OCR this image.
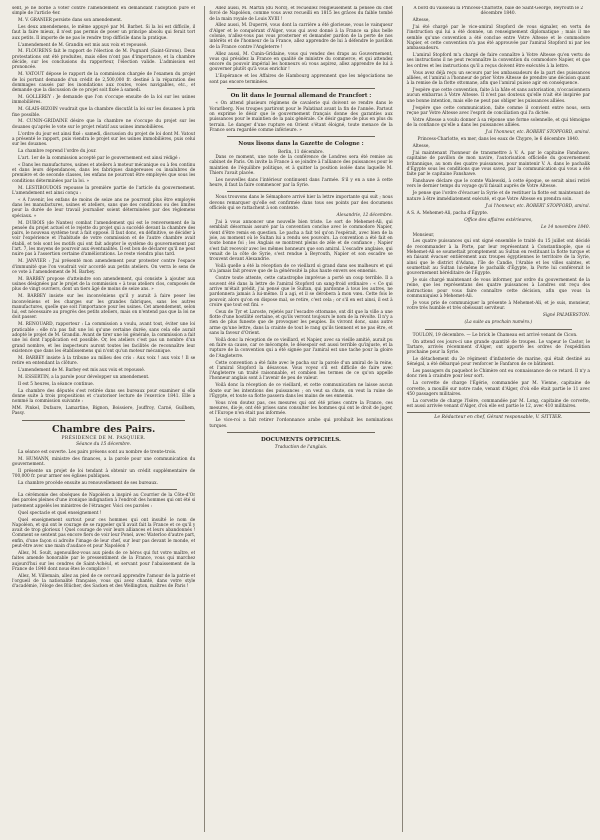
sent, je ne borne à voter contre l'amendement en demandant l'adoption pure et simple de l'article 4er.

M. V. GRANIER persiste dans son amendement.

Les deux amendemens, le même appuyé par M. Barbet. Si la loi est difficile, il faut la faire mieux, il n'est pas permis de poser un principe absolu qui ferait tort aux petits. Il importe de ne pas le rendre trop difficile dans la pratique.

L'amendement de M. Grandin est mis aux voix et repoussé.

M. FLOURENS fait le rapport de l'élection de M. Pugnard (Saint-Girons). Deux protestations ont été produites, mais elles n'ont pas d'importance, et la chambre décide, sur les conclusions du rapporteur, l'élection valide. L'admission est prononcée.

M. VATOUT dépose le rapport de la commission chargée de l'examen du projet de loi portant demande d'un crédit de 2,500,000 fr. destiné à la réparation des dommages causés par les inondations aux routes, voies navigables, etc., et demande que la discussion de ce projet soit fixée à samedi.

M. GOLLEREY : Je demande que l'on s'occupe ensuite de la loi sur les usines immobilières.

M. GLAIS-BIZOIN voudrait que la chambre discutât la loi sur les douanes à prix fixe possible.

M. CUNIN-GRIDAINE désire que la chambre ne s'occupe du projet sur les douanes qu'après le vote sur le projet relatif aux usines immobilières.

L'ordre du jour est ainsi fixé : samedi, discussion du projet de loi dont M. Vatout a présenté le rapport, puis viendra le projet sur les usines immobilières, puis celui sur les douanes.

La chambre reprend l'ordre du jour.

L'art. 1er de la commission accepté par le gouvernement est ainsi rédigé :

« Dans les manufactures, usines et ateliers à moteur mécanique ou à feu continu et dans leurs dépendances, dans les fabriques dangereuses ou insalubres de première et de seconde classes, les enfans ne pourront être employés que sous les conditions déterminées par la loi. »

M. LESTIBOUDOIS repousse la première partie de l'article du gouvernement. L'amendement est ainsi conçu :

« A l'avenir, les enfans de moins de seize ans ne pourront plus être employés dans les manufactures, usines et ateliers, sans que des conditions ou des limites pour la durée de leur travail journalier soient déterminées par des règlemens spéciaux. »

M. DUBOIS (de Nantes) combat l'amendement qui est le renversement de la pensée du projet actuel et le rejette du projet qui a succédé devant la chambre des pairs, le nouveau système tout à fait opposé. Il faut donc, en définitive, se décider à voir l'expérience et l'habitude de votre commission et de l'autre chambre avait établi, et tels sont les motifs qui ont fait adopter le système du gouvernement par l'art. 7, les moyens de pourvoir aux éventualités. Il est bon de déclarer qu'il ne peut nuire pas à l'assertion certaine d'améliorations. Le reste viendra plus tard.

M. JANVIER : J'ai présenté mon amendement pour protester contre l'espace d'immunité que l'on voudrait voir accordé aux petits ateliers. On verra le sens de ce vote à l'amendement de M. Barbey.

M. BARBEY propose d'atteindre son amendement, qui consiste à ajouter aux usines désignées par le projet de la commission « à tous ateliers clos, composés de plus de vingt ouvriers, dont un tiers âgé de moins de seize ans. »

M. BARBEY insiste sur les inconvéniens qu'il y aurait à faire peser les inconvéniens et les charges sur les grandes fabriques, sans les autres manufactures, quelle que soit l'importance pour les usines. Cet amendement, selon lui, est nécessaire au progrès des petits ateliers, mais on n'entend pas que la loi ne doit passer.

M. RENOUARD, rapporteur : La commission a voulu, avant tout, éviter une loi praticable : elle n'a pas fait une loi qu'une certaine durée, sans cela elle aurait adopté le projet de M. Grandin. Avant de tirer une loi générale, la commission a fait une loi dont l'application est possible. Or, les ateliers c'est pas un nombre d'un grand nombre, et les inspecteurs auront toutes les facilités de reconnaître leur existence que dans les établissemens qui n'ont qu'un moteur mécanique.

M. BARBEY insiste à la tribune au milieu des cris : Aux voix ! aux voix ! Il se retire en entendant la clôture.

L'amendement de M. Barbey est mis aux voix et repoussé.

M. ESSERTIN, a la parole pour développer un amendement.

Il est 5 heures, la séance continue.

La chambre des députés s'est retirée dans ses bureaux pour examiner si elle donne suite à trois propositions et c'autoriser lecture de l'exercice 1841. Elle a nommé la commission suivante :

MM. Pinkel, Dufaure, Lamartine, Bignon, Boissiere, Jouffroy, Carné, Guilhem, Passy.

Chambre des Pairs.
PRÉSIDENCE DE M. PASQUIER.
Séance du 15 décembre.

La séance est ouverte. Les pairs présens sont au nombre de trente-trois.

M. HUMANN, ministre des finances, a la parole pour une communication du gouvernement.

Il présente un projet de loi tendant à obtenir un crédit supplémentaire de 700,000 fr. pour armer ses églises publiques.

La chambre procède ensuite au renouvellement de ses bureaux.

La cérémonie des obsèques de Napoléon a inspiré au Courrier de la Côte-d'Or des paroles pleines d'une ironique indignation à l'endroit des hommes qui ont été si justement appelés les ministres de l'étranger. Voici ces paroles :

Quel spectacle et quel enseignement !

Quel enseignement surtout pour ces hommes qui ont insulté le nom de Napoléon, et qui ont le courage de se rappeler qu'il avait fait la France et ce qu'il y avait de trop glorieux ! Quel courage de voir leurs alliances et leurs abandonnés ! Comment se sentent pas encore fiers de voir leur Ponel, avec Waterloo d'autre part, enfin, d'une façon si adroite l'image de leur chef, sur leur pas devant le monde, et peut-être avec une main d'audace et pour Napoléon ?

Allez, M. Soult, agenouillez-vous aux pieds de ce héros qui fut votre maître, et faites amende honorable par le pressentiment de la France, vous qui marchez aujourd'hui sur les cendres de Saint-Achéul, et servant pour l'abaissement de la France de 1840 dont nous êtes le complice !

Allez, M. Villemain, allez au pied de ce cercueil apprendre l'amour de la patrie et l'orgueil de la nationalité française, vous qui avez chanté, dans votre style d'académie, l'éloge des Blücher, des Sacken et des Wellington, maîtres de Paris !

Allez aussi, M. Martin (du Nord), et recueillez religieusement la pensée du chef forcé de Napoléon, comme vous avez recueilli en 1815 les grâces du faible tombé de la main royale de Louis XVIII !

Allez aussi, M. Duperré, vous dont la carrière a été glorieuse, vous le vainqueur d'Alger et le conquérant d'Alger, vous qui avez donné à la France sa plus belle colonie, n'allez-vous pas vous prosterner et demander pardon de la perte de nos intérêts et de l'honneur de la France, allez apprendre de lui à défendre le pavillon de la France contre l'Angleterre !

Allez aussi, M. Cunin-Gridaine, vous qui vendez des draps au Gouvernement, vous qui présidez la France en qualité de ministre du commerce, et qui attendez encore du pouvoir impérial les honneurs où vous aspirez, allez apprendre de lui à gouverner plutôt qu'à vous enrichir !

L'Espérance et les Affaires de Hambourg apprennent que les négociations ne sont pas encore terminées.

On lit dans le Journal allemand de Francfort :

« On attend plusieurs régimens de cavalerie qui doivent se rendre dans le Vorarlberg. Nos troupes partiront pour le Palatinat avant la fin de l'année. Partout on exprime le désir que le gouvernement français donne des garanties aux puissances pour le maintien de la paix générale. Ce désir gagne de plus en plus du terrain. Le danger d'une rupture en Orient s'étant éloigné, toute menace de la France sera regardée comme inférieure. »

Nous lisons dans la Gazette de Cologne :
Berlin, 11 décembre.

Dans ce moment, une note de la conférence de Londres sera été remise au cabinet de Paris. On invite la France à se joindre à l'alliance des puissances pour le maintien de l'équilibre politique, et à quitter la position isolée dans laquelle M. Thiers l'avait placée.

Les nouvelles dans l'intérieur continuent dans l'armée. S'il y en a une à cette heure, il faut la faire commencer par la Syrie.

Nous trouvons dans le Sémaphore arrivé hier la lettre importante qui suit ; nous devons remarquer qu'elle est confirmée dans tous ses points par des documens officiels qui se rattachent à son contexte.

Alexandrie, 12 décembre.

J'ai à vous annoncer une nouvelle bien triste. Le sort de Mehemet-Ali, qui semblait désormais assuré par la convention conclue avec le commodore Napier, vient d'être remis en question. Le pacha a fait tel qu'on l'espérait, avec bien de la joie, au moment où le Sultan lui a rendu ses pouvoirs. La convention a été fait en toute bonne foi ; les Anglais se montrent pleins de zèle et de confiance ; Napier s'est fait recevoir avec les mêmes honneurs que son amiral. L'escadre anglaise, qui venait de la côte de Syrie, s'est rendue à Beyrouth, Napier et son escadre se trouvent devant Alexandrie.

Voilà quelle a été la réception de ce vieillard si grand dans ses malheurs et qui n'a jamais fait preuve que de la générosité la plus haute envers ses ennemis.

Contre toute attente, cette catastrophe imprévue a porté un coup terrible. Il a souvent été dans la lettre de l'amiral Stopford un sang-froid ordinaire : « Ce qui arrive m'était prédit, j'ai pensé que le Sultan, qui pardonne à tous les autres, ne pardonnera jamais à lui-même. Il a agi, et il se dérobera à mon vœu. Cette fois le pouvoir, alors qu'on en dispose mal, se retire, c'est cela ; or s'il en est ainsi, il est à croire que tout est fini. »

Ceux de Tyr et Laroste, rejetés par l'escadre ottomane, ont dit que la ville a une flotte d'une hostilité certaine, et qu'ils verront toujours le nom de la révolte. Il n'y a rien de plus funeste que de provoquer les peuples. Ils vivront donc, sans autre arme qu'une lettre, dans la crainte de tout le rang qu'ils tiennent et ne pas être, et sans la faveur d'Orient.

Voilà donc la réception de ce vieillard, et Napier, avec sa vieille amitié, aurait pu en faire sa cause, car ce mécompte, le désespoir est aussi terrible qu'injuste, et la rupture de la convention qui a été signée par l'amiral est une tache pour la gloire de l'Angleterre.

Cette convention a été faite avec le pacha sur la parole d'un amiral de la reine, et l'amiral Stopford la désavoue. Vous voyez s'il est difficile de faire avec l'Angleterre un traité raisonnable, et combien les termes de ce qu'on appelle l'honneur anglais sont à l'avenir de peu de valeur.

Voilà donc la réception de ce vieillard, et cette communication ne laisse aucun doute sur les intentions des puissances ; on veut sa chute, on veut la ruine de l'Égypte, et toute sa flotte passera dans les mains de ses ennemis.

Vous n'en doutez pas, ces mesures qui ont été prises contre la France, ces mesures, dis-je, ont été prises sans consulter les hommes qui ont le droit de juger, et l'Europe n'en était pas informée.

Le vice-roi a fait retirer l'ordonnance arabe qui prohibait les nominations turques.

DOCUMENTS OFFICIELS.
Traduction de l'anglais.

A bord du vaisseau la Princess-Charlotte, baie de Saint-George, Beyrouth le 2 décembre 1840.

Altesse,

J'ai été chargé par le vice-amiral Stopford de vous signaler, en vertu de l'instruction qui lui a été donnée, un renseignement diplomatique ; mais il me semble qu'une convention a été conclue entre Votre Altesse et le commodore Napier, et cette convention n'a pas été approuvée par l'amiral Stopford ni par les ambassadeurs.

L'amiral Stopford m'a chargé de faire connaître à Votre Altesse qu'en vertu de ses instructions il ne peut reconnaître la convention du commodore Napier, et que les ordres et les instructions qu'il a reçus doivent être exécutés à la lettre.

Vous avez déjà reçu un secours par les ambassadeurs de la part des puissances alliées, et l'amiral a l'honneur de prier Votre Altesse de prendre une décision quant à la remise de la flotte ottomane, afin que l'amiral puisse agir en conséquence.

J'espère que cette convention, faite à la hâte et sans autorisation, n'occasionnera aucun embarras à Votre Altesse. Il n'est pas douteux qu'elle n'ait été inspirée par une bonne intention, mais elle ne peut pas obliger les puissances alliées.

J'espère que cette communication, faite comme il convient entre nous, sera reçue par Votre Altesse avec l'esprit de conciliation qui l'a dictée.

Votre Altesse a voulu donner à sa réponse une forme solennelle, et qui témoigne de la confiance qu'elle a dans les puissances alliées.

J'ai l'honneur, etc. ROBERT STOPFORD, amiral.

Princess-Charlotte, en mer, dans les eaux de Chypre, le 6 décembre 1840.

Altesse,

J'ai maintenant l'honneur de transmettre à V. A. par le capitaine Fanshawe, capitaine de pavillon de mon navire, l'autorisation officielle du gouvernement britannique, au nom des quatre puissances, pour maintenir V. A. dans le pachalik d'Égypte sous les conditions que vous savez, par la communication qui vous a été faite par le capitaine Fanshawe.

Fanshawe déclare que le comte Walewski, à cette époque, se serait ainsi retiré vers le dernier temps du voyage qu'il faisait auprès de Votre Altesse.

Je pense que l'ordre d'évacuer la Syrie et de restituer la flotte est maintenant de nature à être immédiatement exécuté, et que Votre Altesse en prendra soin.

J'ai l'honneur, etc. ROBERT STOPFORD, amiral.

A S. A. Mehemet-Ali, pacha d'Égypte.

Office des affaires extérieures,
Le 14 novembre 1840.

Monsieur,

Les quatre puissances qui ont signé ensemble le traité du 15 juillet ont décidé de recommander à la Porte, par leur représentant à Constantinople, que si Mehemet-Ali se soumettait promptement au Sultan en restituant la flotte turque et en faisant évacuer entièrement aux troupes égyptiennes le territoire de la Syrie, ainsi que le district d'Adana, l'île de Candie, l'Arabie et les villes saintes, et soumettait au Sultan lui-même le pachalik d'Égypte, la Porte lui conférerait le gouvernement héréditaire de l'Égypte.

Je suis chargé maintenant de vous informer, par ordre du gouvernement de la reine, que les représentans des quatre puissances à Londres ont reçu des instructions pour vous faire connaître cette décision, afin que vous la communiquiez à Mehemet-Ali.

Je vous prie de communiquer la présente à Mehemet-Ali, et je suis, monsieur, votre très humble et très obéissant serviteur.

Signé PALMERSTON.
(La suite au prochain numéro.)

TOULON, 19 décembre. — Le brick le Chameau est arrivé venant de Cicon.

On attend ces jours-ci une grande quantité de troupes. Le vapeur le Castor, le Tartare, arrivés récemment d'Alger, ont apporté les ordres de l'expédition prochaine pour la Syrie.

Le détachement du 2e régiment d'infanterie de marine, qui était destiné au Sénégal, a été débarqué pour renforcer le Fanfaron de ce bâtiment.

Les passagers du paquebot le Chimère ont eu connaissance de ce retard. Il n'y a donc rien à craindre pour leur sort.

La corvette de charge l'Égérie, commandée par M. Vienne, capitaine de corvette, a mouillé sur notre rade, venant d'Alger, d'où elle était partie le 11 avec 450 passagers militaires.

La corvette de charge l'Isère, commandée par M. Long, capitaine de corvette, est aussi arrivée venant d'Alger, d'où elle est partie le 12, avec 410 militaires.

Le Rédacteur en chef, Gérant responsable, V. SITTIER.
